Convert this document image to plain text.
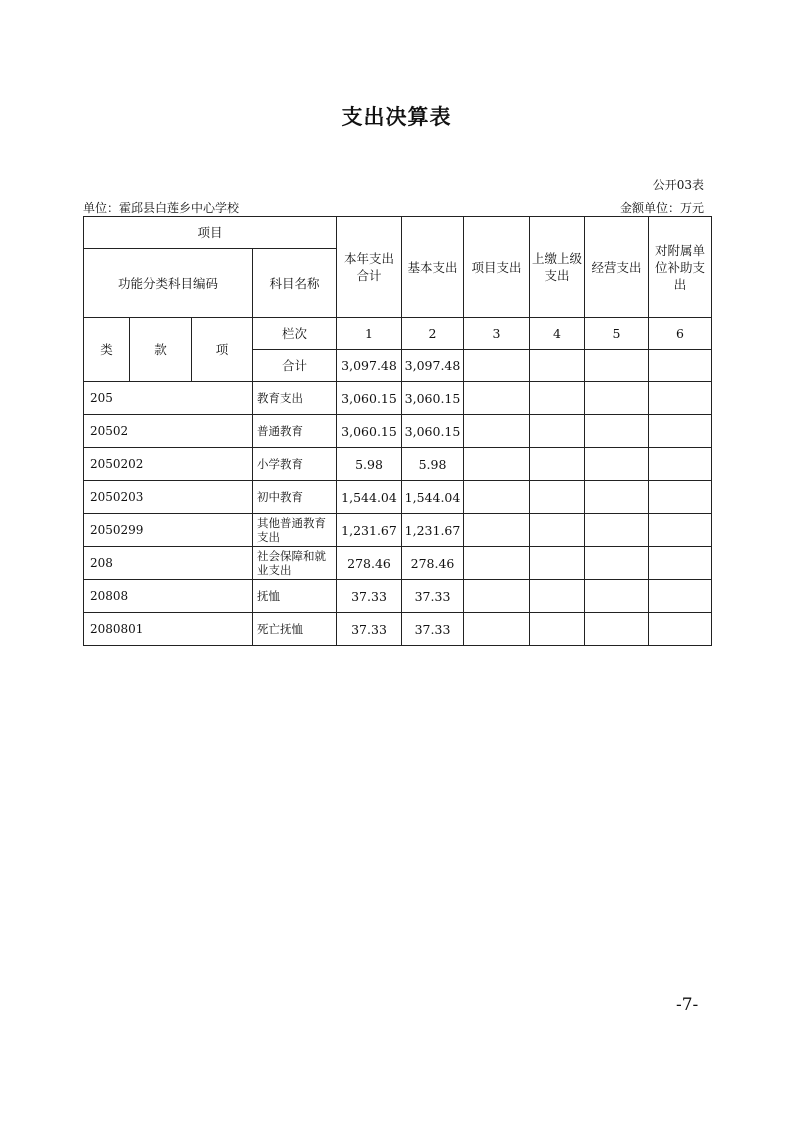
支出决算表
公开03表
单位：霍邱县白莲乡中心学校	金额单位：万元
项目				本年支出合计	基本支出	项目支出	上缴上级支出	经营支出	对附属单位补助支出
功能分类科目编码			科目名称						
类	款	项	栏次	1	2	3	4	5	6
			合计	3,097.48	3,097.48				
205			教育支出	3,060.15	3,060.15				
20502			普通教育	3,060.15	3,060.15				
2050202			小学教育	5.98	5.98				
2050203			初中教育	1,544.04	1,544.04				
2050299			其他普通教育支出	1,231.67	1,231.67				
208			社会保障和就业支出	278.46	278.46				
20808			抚恤	37.33	37.33				
2080801			死亡抚恤	37.33	37.33				
-7-
